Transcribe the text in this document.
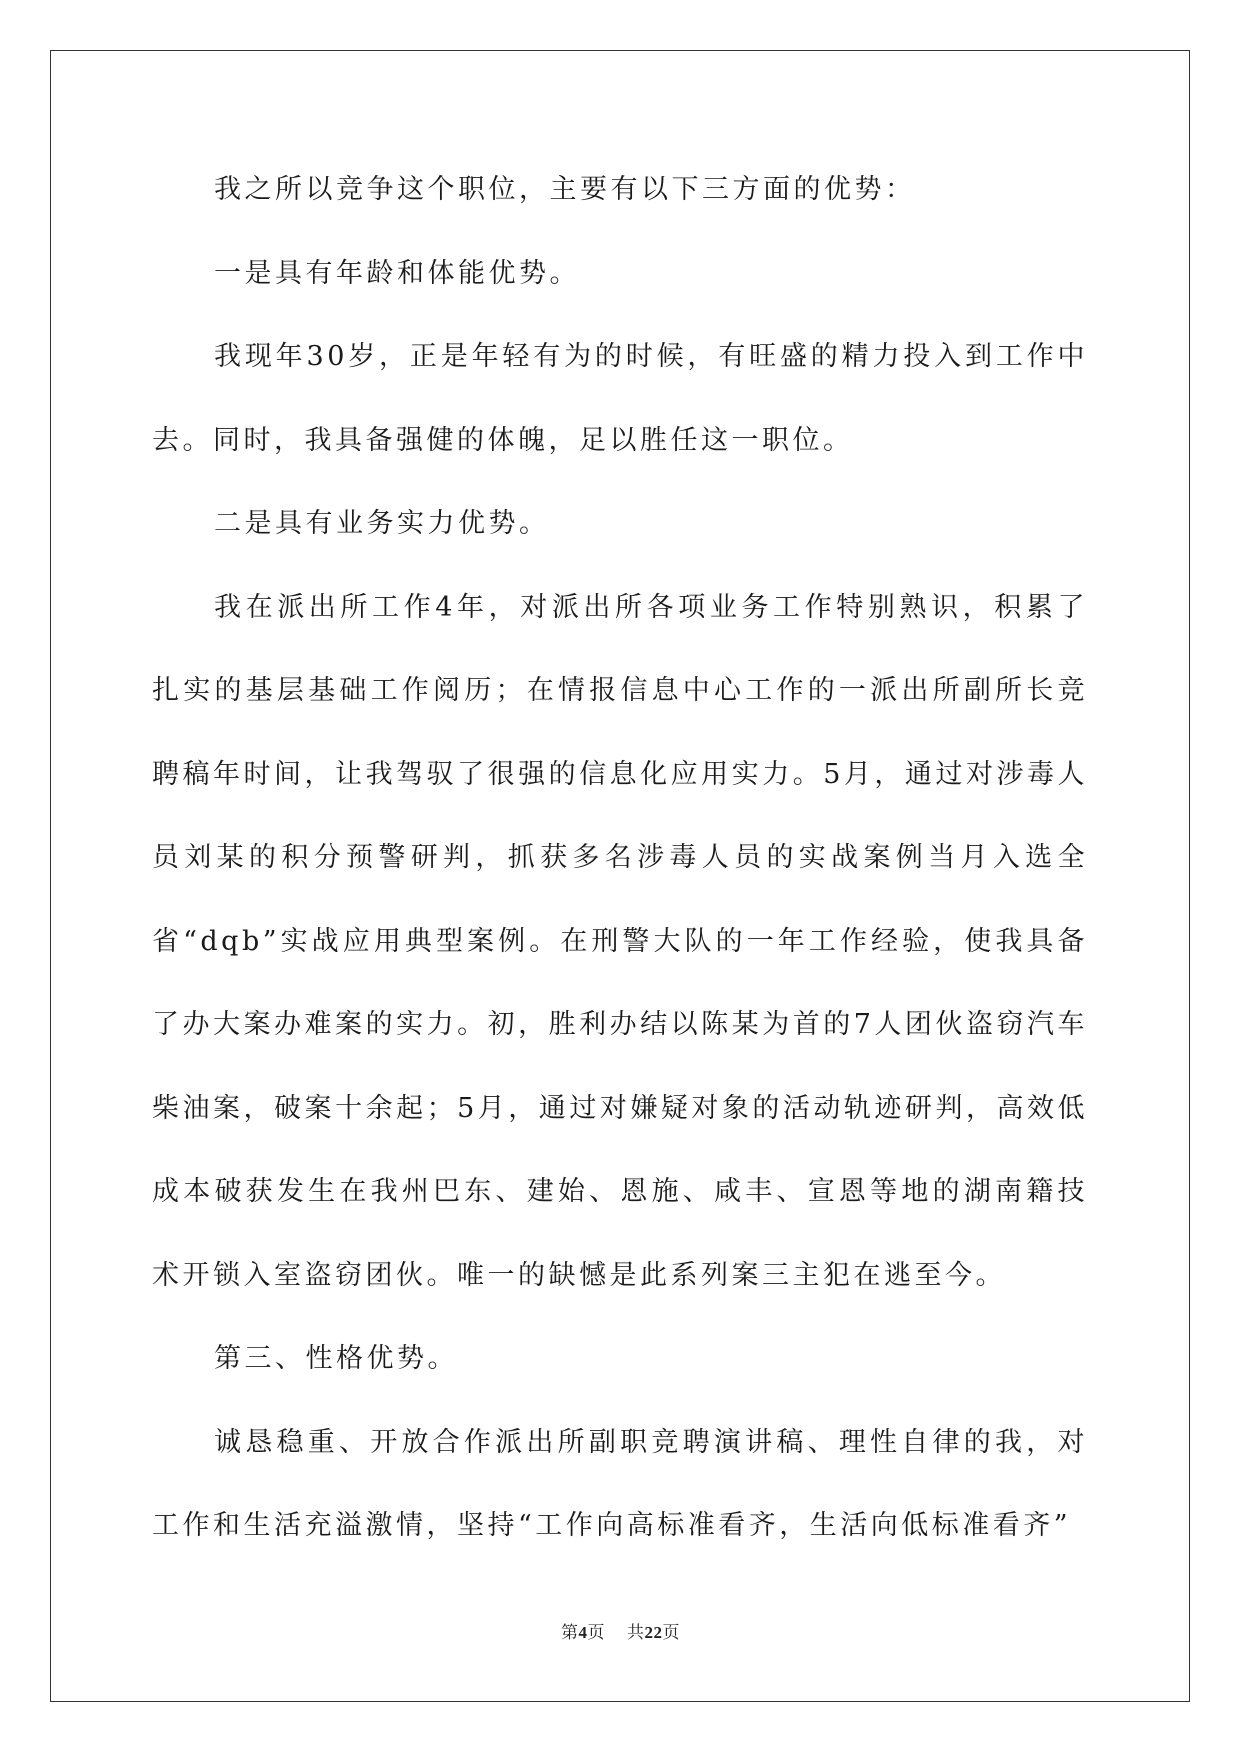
我之所以竞争这个职位，主要有以下三方面的优势：

一是具有年龄和体能优势。

我现年30岁，正是年轻有为的时候，有旺盛的精力投入到工作中去。同时，我具备强健的体魄，足以胜任这一职位。

二是具有业务实力优势。

我在派出所工作4年，对派出所各项业务工作特别熟识，积累了扎实的基层基础工作阅历；在情报信息中心工作的一派出所副所长竞聘稿年时间，让我驾驭了很强的信息化应用实力。5月，通过对涉毒人员刘某的积分预警研判，抓获多名涉毒人员的实战案例当月入选全省“dqb”实战应用典型案例。在刑警大队的一年工作经验，使我具备了办大案办难案的实力。初，胜利办结以陈某为首的7人团伙盗窃汽车柴油案，破案十余起；5月，通过对嫌疑对象的活动轨迹研判，高效低成本破获发生在我州巴东、建始、恩施、咸丰、宣恩等地的湖南籍技术开锁入室盗窃团伙。唯一的缺憾是此系列案三主犯在逃至今。

第三、性格优势。

诚恳稳重、开放合作派出所副职竞聘演讲稿、理性自律的我，对工作和生活充溢激情，坚持“工作向高标准看齐，生活向低标准看齐”

第4页 共22页
